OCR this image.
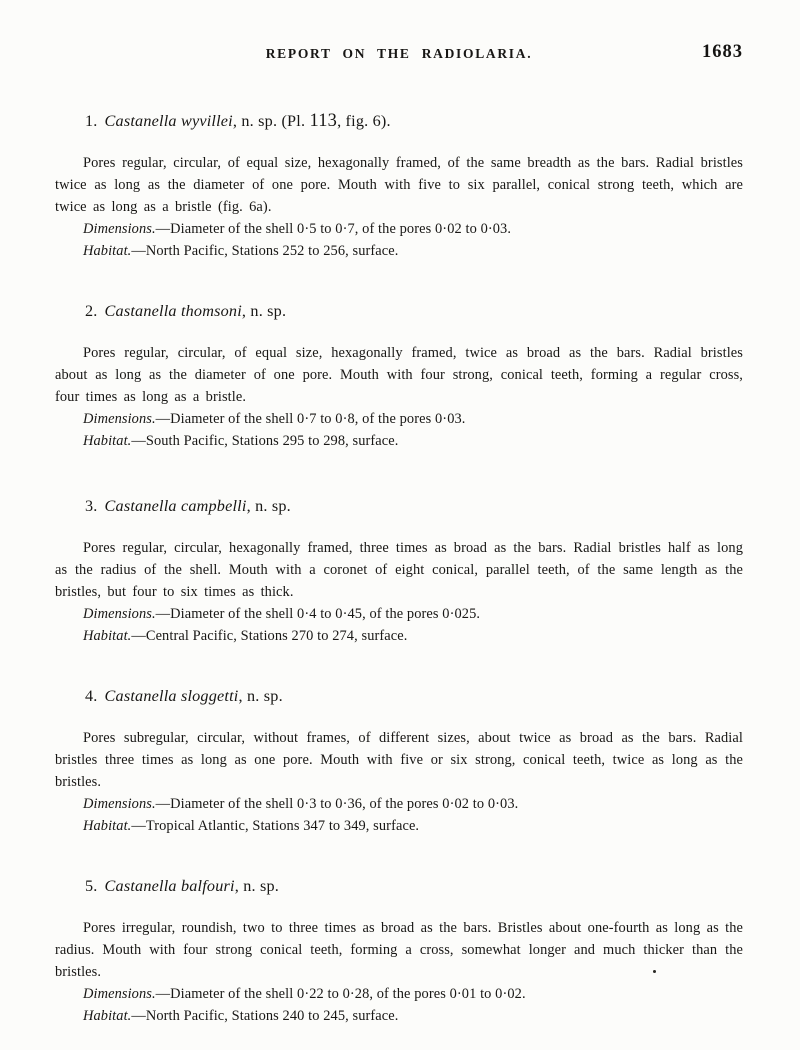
REPORT ON THE RADIOLARIA.	1683
1. Castanella wyvillei, n. sp. (Pl. 113, fig. 6).

Pores regular, circular, of equal size, hexagonally framed, of the same breadth as the bars. Radial bristles twice as long as the diameter of one pore. Mouth with five to six parallel, conical strong teeth, which are twice as long as a bristle (fig. 6a).

Dimensions.—Diameter of the shell 0·5 to 0·7, of the pores 0·02 to 0·03.

Habitat.—North Pacific, Stations 252 to 256, surface.

2. Castanella thomsoni, n. sp.

Pores regular, circular, of equal size, hexagonally framed, twice as broad as the bars. Radial bristles about as long as the diameter of one pore. Mouth with four strong, conical teeth, forming a regular cross, four times as long as a bristle.

Dimensions.—Diameter of the shell 0·7 to 0·8, of the pores 0·03.

Habitat.—South Pacific, Stations 295 to 298, surface.

3. Castanella campbelli, n. sp.

Pores regular, circular, hexagonally framed, three times as broad as the bars. Radial bristles half as long as the radius of the shell. Mouth with a coronet of eight conical, parallel teeth, of the same length as the bristles, but four to six times as thick.

Dimensions.—Diameter of the shell 0·4 to 0·45, of the pores 0·025.

Habitat.—Central Pacific, Stations 270 to 274, surface.

4. Castanella sloggetti, n. sp.

Pores subregular, circular, without frames, of different sizes, about twice as broad as the bars. Radial bristles three times as long as one pore. Mouth with five or six strong, conical teeth, twice as long as the bristles.

Dimensions.—Diameter of the shell 0·3 to 0·36, of the pores 0·02 to 0·03.

Habitat.—Tropical Atlantic, Stations 347 to 349, surface.

5. Castanella balfouri, n. sp.

Pores irregular, roundish, two to three times as broad as the bars. Bristles about one-fourth as long as the radius. Mouth with four strong conical teeth, forming a cross, somewhat longer and much thicker than the bristles.

Dimensions.—Diameter of the shell 0·22 to 0·28, of the pores 0·01 to 0·02.

Habitat.—North Pacific, Stations 240 to 245, surface.
